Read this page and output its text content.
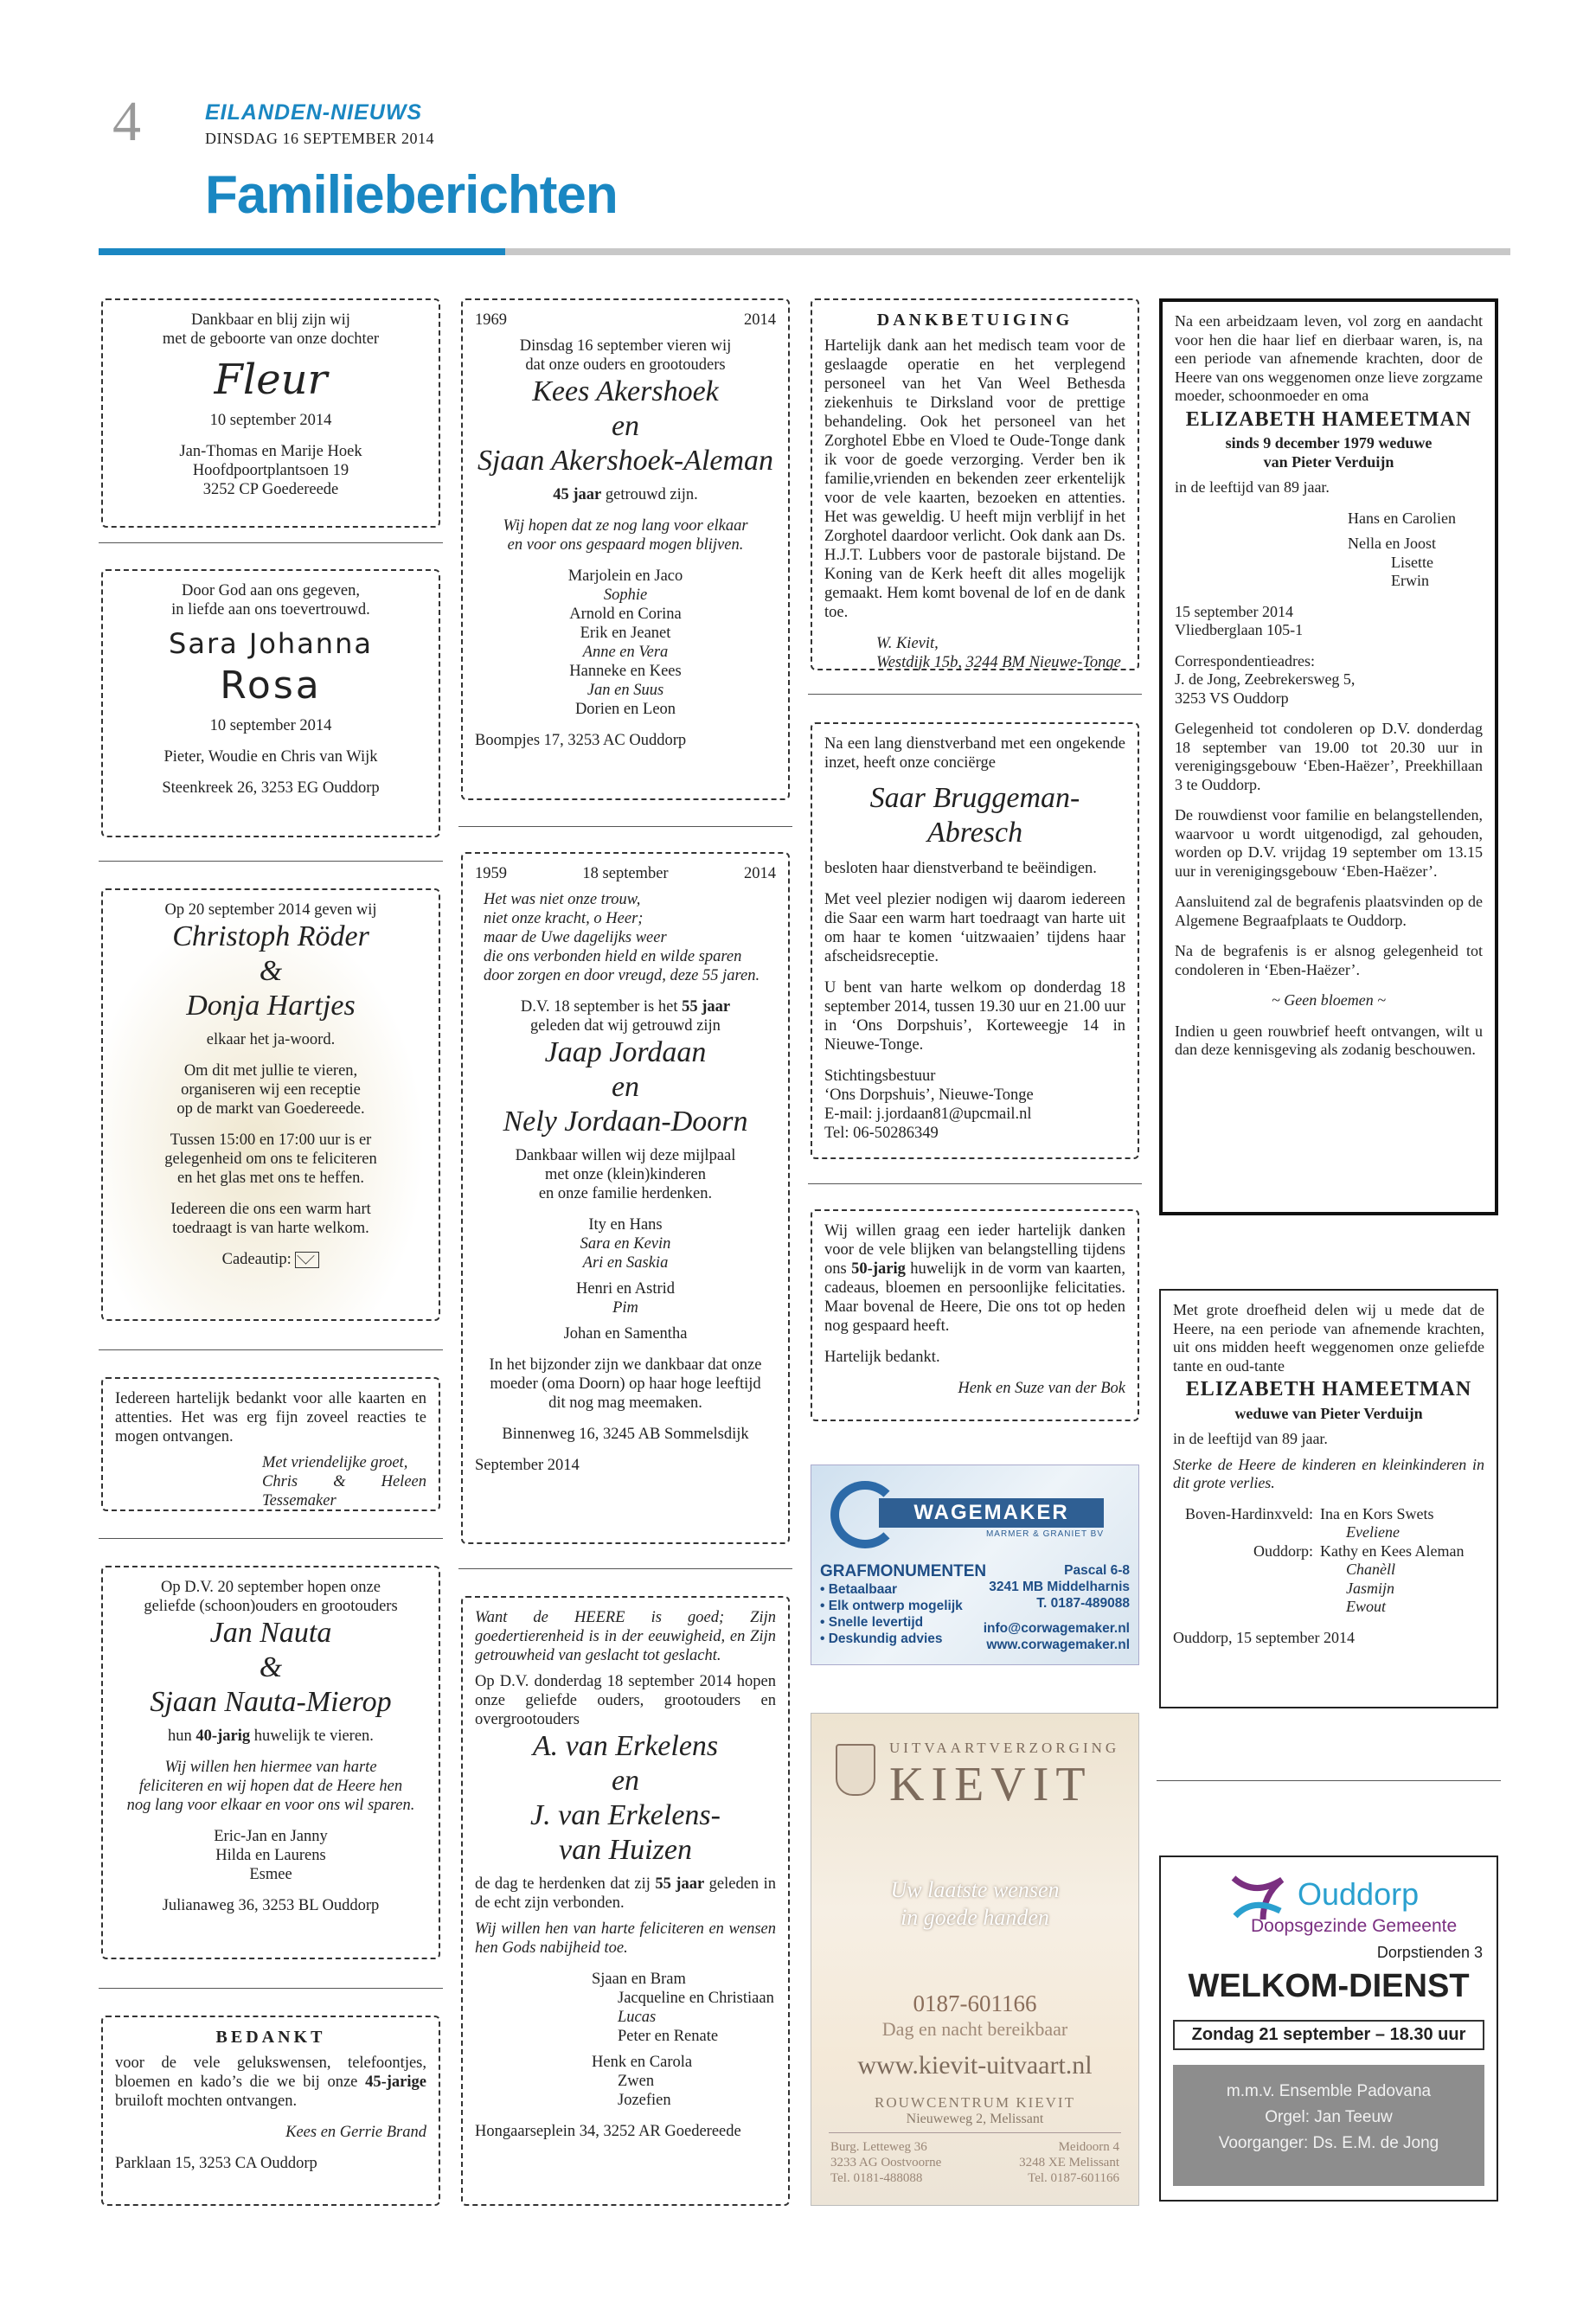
4	EILANDEN-NIEUWS
DINSDAG 16 SEPTEMBER 2014
Familieberichten

Dankbaar en blij zijn wij

met de geboorte van onze dochter

Fleur

10 september 2014

Jan-Thomas en Marije Hoek

Hoofdpoortplantsoen 19

3252 CP Goedereede

Door God aan ons gegeven,

in liefde aan ons toevertrouwd.

Sara Johanna

Rosa

10 september 2014

Pieter, Woudie en Chris van Wijk

Steenkreek 26, 3253 EG Ouddorp

Op 20 september 2014 geven wij

Christoph Röder

&

Donja Hartjes

elkaar het ja-woord.

Om dit met jullie te vieren,

organiseren wij een receptie

op de markt van Goedereede.

Tussen 15:00 en 17:00 uur is er

gelegenheid om ons te feliciteren

en het glas met ons te heffen.

Iedereen die ons een warm hart

toedraagt is van harte welkom.

Cadeautip:

Iedereen hartelijk bedankt voor alle kaarten en attenties. Het was erg fijn zoveel reacties te mogen ontvangen.

Met vriendelijke groet,

Chris & Heleen Tessemaker

Op D.V. 20 september hopen onze

geliefde (schoon)ouders en grootouders

Jan Nauta

&

Sjaan Nauta-Mierop

hun 40-jarig huwelijk te vieren.

Wij willen hen hiermee van harte

feliciteren en wij hopen dat de Heere hen

nog lang voor elkaar en voor ons wil sparen.

Eric-Jan en Janny

Hilda en Laurens

Esmee

Julianaweg 36, 3253 BL Ouddorp

BEDANKT

voor de vele gelukswensen, telefoontjes, bloemen en kado’s die we bij onze 45-jarige bruiloft mochten ontvangen.

Kees en Gerrie Brand

Parklaan 15, 3253 CA Ouddorp

1969	2014

Dinsdag 16 september vieren wij

dat onze ouders en grootouders

Kees Akershoek

en

Sjaan Akershoek-Aleman

45 jaar getrouwd zijn.

Wij hopen dat ze nog lang voor elkaar

en voor ons gespaard mogen blijven.

Marjolein en Jaco

Sophie

Arnold en Corina

Erik en Jeanet

Anne en Vera

Hanneke en Kees

Jan en Suus

Dorien en Leon

Boompjes 17, 3253 AC Ouddorp

1959	18 september	2014

Het was niet onze trouw,

niet onze kracht, o Heer;

maar de Uwe dagelijks weer

die ons verbonden hield en wilde sparen

door zorgen en door vreugd, deze 55 jaren.

D.V. 18 september is het 55 jaar

geleden dat wij getrouwd zijn

Jaap Jordaan

en

Nely Jordaan-Doorn

Dankbaar willen wij deze mijlpaal

met onze (klein)kinderen

en onze familie herdenken.

Ity en Hans

Sara en Kevin

Ari en Saskia

Henri en Astrid

Pim

Johan en Samentha

In het bijzonder zijn we dankbaar dat onze

moeder (oma Doorn) op haar hoge leeftijd

dit nog mag meemaken.

Binnenweg 16, 3245 AB Sommelsdijk

September 2014

Want de HEERE is goed; Zijn goedertierenheid is in der eeuwigheid, en Zijn getrouwheid van geslacht tot geslacht.

Op D.V. donderdag 18 september 2014 hopen onze geliefde ouders, grootouders en overgrootouders

A. van Erkelens

en

J. van Erkelens-

van Huizen

de dag te herdenken dat zij 55 jaar geleden in de echt zijn verbonden.

Wij willen hen van harte feliciteren en wensen hen Gods nabijheid toe.

Sjaan en Bram

Jacqueline en Christiaan

Lucas

Peter en Renate

Henk en Carola

Zwen

Jozefien

Hongaarseplein 34, 3252 AR Goedereede

DANKBETUIGING

Hartelijk dank aan het medisch team voor de geslaagde operatie en het verplegend personeel van het Van Weel Bethesda ziekenhuis te Dirksland voor de prettige behandeling. Ook het personeel van het Zorghotel Ebbe en Vloed te Oude-Tonge dank ik voor de goede verzorging. Verder ben ik familie,vrienden en bekenden zeer erkentelijk voor de vele kaarten, bezoeken en attenties. Het was geweldig. U heeft mijn verblijf in het Zorghotel daardoor verlicht. Ook dank aan Ds. H.J.T. Lubbers voor de pastorale bijstand. De Koning van de Kerk heeft dit alles mogelijk gemaakt. Hem komt bovenal de lof en de dank toe.

W. Kievit,

Westdijk 15b, 3244 BM Nieuwe-Tonge

Na een lang dienstverband met een ongekende inzet, heeft onze conciërge

Saar Bruggeman-Abresch

besloten haar dienstverband te beëindigen.

Met veel plezier nodigen wij daarom iedereen die Saar een warm hart toedraagt van harte uit om haar te komen ‘uitzwaaien’ tijdens haar afscheidsreceptie.

U bent van harte welkom op donderdag 18 september 2014, tussen 19.30 uur en 21.00 uur in ‘Ons Dorpshuis’, Korteweegje 14 in Nieuwe-Tonge.

Stichtingsbestuur

‘Ons Dorpshuis’, Nieuwe-Tonge

E-mail: j.jordaan81@upcmail.nl

Tel: 06-50286349

Wij willen graag een ieder hartelijk danken voor de vele blijken van belangstelling tijdens ons 50-jarig huwelijk in de vorm van kaarten, cadeaus, bloemen en persoonlijke felicitaties. Maar bovenal de Heere, Die ons tot op heden nog gespaard heeft.

Hartelijk bedankt.

Henk en Suze van der Bok

WAGEMAKER
MARMER & GRANIET BV
GRAFMONUMENTEN
• Betaalbaar
• Elk ontwerp mogelijk
• Snelle levertijd
• Deskundig advies
Pascal 6-8
3241 MB Middelharnis
T. 0187-489088
info@corwagemaker.nl
www.corwagemaker.nl
UITVAARTVERZORGING
KIEVIT
Uw laatste wensen
in goede handen
0187-601166
Dag en nacht bereikbaar
www.kievit-uitvaart.nl
ROUWCENTRUM KIEVIT
Nieuweweg 2, Melissant
Burg. Letteweg 36
3233 AG Oostvoorne
Tel. 0181-488088
Meidoorn 4
3248 XE Melissant
Tel. 0187-601166

Na een arbeidzaam leven, vol zorg en aandacht voor hen die haar lief en dierbaar waren, is, na een periode van afnemende krachten, door de Heere van ons weggenomen onze lieve zorgzame moeder, schoonmoeder en oma

ELIZABETH HAMEETMAN

sinds 9 december 1979 weduwe

van Pieter Verduijn

in de leeftijd van 89 jaar.

Hans en Carolien

Nella en Joost

Lisette

Erwin

15 september 2014

Vliedberglaan 105-1

Correspondentieadres:

J. de Jong, Zeebrekersweg 5,

3253 VS Ouddorp

Gelegenheid tot condoleren op D.V. donderdag 18 september van 19.00 tot 20.30 uur in verenigingsgebouw ‘Eben-Haëzer’, Preekhillaan 3 te Ouddorp.

De rouwdienst voor familie en belangstellenden, waarvoor u wordt uitgenodigd, zal gehouden, worden op D.V. vrijdag 19 september om 13.15 uur in verenigingsgebouw ‘Eben-Haëzer’.

Aansluitend zal de begrafenis plaatsvinden op de Algemene Begraafplaats te Ouddorp.

Na de begrafenis is er alsnog gelegenheid tot condoleren in ‘Eben-Haëzer’.

~ Geen bloemen ~

Indien u geen rouwbrief heeft ontvangen, wilt u dan deze kennisgeving als zodanig beschouwen.

Met grote droefheid delen wij u mede dat de Heere, na een periode van afnemende krachten, uit ons midden heeft weggenomen onze geliefde tante en oud-tante

ELIZABETH HAMEETMAN

weduwe van Pieter Verduijn

in de leeftijd van 89 jaar.

Sterke de Heere de kinderen en kleinkinderen in dit grote verlies.

Boven-Hardinxveld: Ina en Kors Swets
Eveliene
Ouddorp: Kathy en Kees Aleman
Chanèll
Jasmijn
Ewout

Ouddorp, 15 september 2014

Ouddorp
Doopsgezinde Gemeente
Dorpstienden 3
WELKOM-DIENST
Zondag 21 september – 18.30 uur
m.m.v. Ensemble Padovana
Orgel: Jan Teeuw
Voorganger: Ds. E.M. de Jong
